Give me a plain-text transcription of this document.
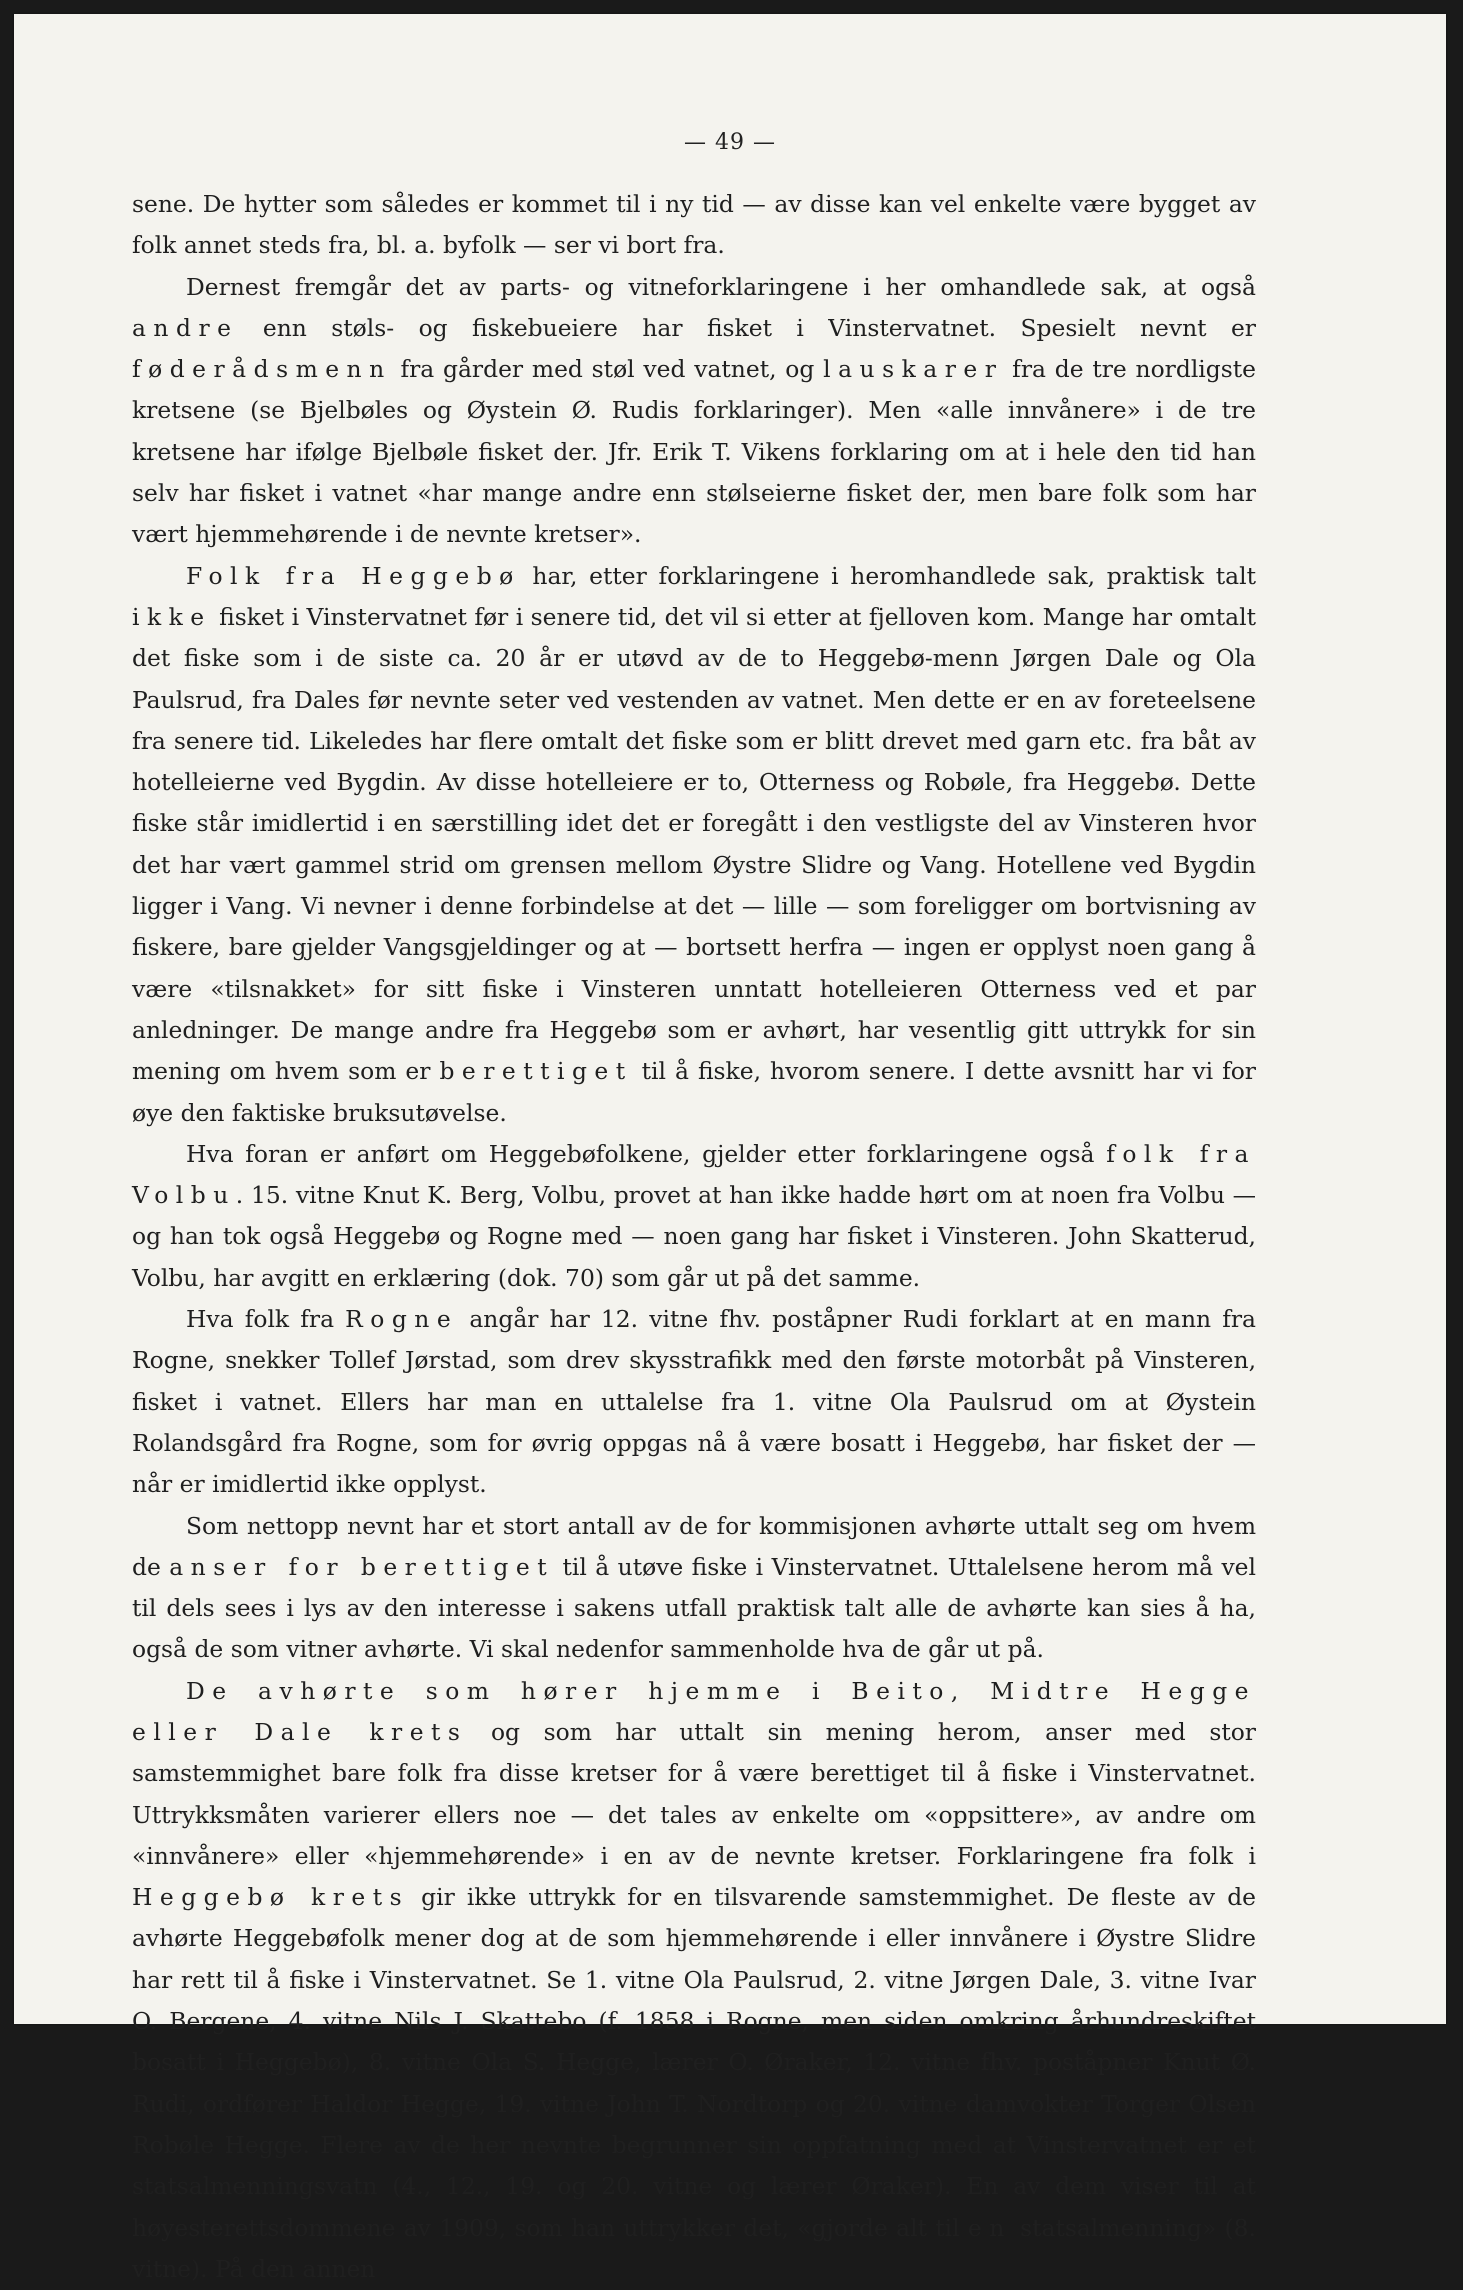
— 49 —

sene. De hytter som således er kommet til i ny tid — av disse kan vel enkelte være bygget av folk annet steds fra, bl. a. byfolk — ser vi bort fra.

Dernest fremgår det av parts- og vitneforklaringene i her omhandlede sak, at også andre enn støls- og fiskebueiere har fisket i Vinstervatnet. Spesielt nevnt er føderådsmenn fra gårder med støl ved vatnet, og lauskarer fra de tre nordligste kretsene (se Bjelbøles og Øystein Ø. Rudis forklaringer). Men «alle innvånere» i de tre kretsene har ifølge Bjelbøle fisket der. Jfr. Erik T. Vikens forklaring om at i hele den tid han selv har fisket i vatnet «har mange andre enn stølseierne fisket der, men bare folk som har vært hjemmehørende i de nevnte kretser».

Folk fra Heggebø har, etter forklaringene i heromhandlede sak, praktisk talt ikke fisket i Vinstervatnet før i senere tid, det vil si etter at fjelloven kom. Mange har omtalt det fiske som i de siste ca. 20 år er utøvd av de to Heggebø-menn Jørgen Dale og Ola Paulsrud, fra Dales før nevnte seter ved vestenden av vatnet. Men dette er en av foreteelsene fra senere tid. Likeledes har flere omtalt det fiske som er blitt drevet med garn etc. fra båt av hotelleierne ved Bygdin. Av disse hotelleiere er to, Otterness og Robøle, fra Heggebø. Dette fiske står imidlertid i en særstilling idet det er foregått i den vestligste del av Vinsteren hvor det har vært gammel strid om grensen mellom Øystre Slidre og Vang. Hotellene ved Bygdin ligger i Vang. Vi nevner i denne forbindelse at det — lille — som foreligger om bortvisning av fiskere, bare gjelder Vangsgjeldinger og at — bortsett herfra — ingen er opplyst noen gang å være «tilsnakket» for sitt fiske i Vinsteren unntatt hotelleieren Otterness ved et par anledninger. De mange andre fra Heggebø som er avhørt, har vesentlig gitt uttrykk for sin mening om hvem som er berettiget til å fiske, hvorom senere. I dette avsnitt har vi for øye den faktiske bruksutøvelse.

Hva foran er anført om Heggebøfolkene, gjelder etter forklaringene også folk fra Volbu. 15. vitne Knut K. Berg, Volbu, provet at han ikke hadde hørt om at noen fra Volbu — og han tok også Heggebø og Rogne med — noen gang har fisket i Vinsteren. John Skatterud, Volbu, har avgitt en erklæring (dok. 70) som går ut på det samme.

Hva folk fra Rogne angår har 12. vitne fhv. poståpner Rudi forklart at en mann fra Rogne, snekker Tollef Jørstad, som drev skysstrafikk med den første motorbåt på Vinsteren, fisket i vatnet. Ellers har man en uttalelse fra 1. vitne Ola Paulsrud om at Øystein Rolandsgård fra Rogne, som for øvrig oppgas nå å være bosatt i Heggebø, har fisket der — når er imidlertid ikke opplyst.

Som nettopp nevnt har et stort antall av de for kommisjonen avhørte uttalt seg om hvem de anser for berettiget til å utøve fiske i Vinstervatnet. Uttalelsene herom må vel til dels sees i lys av den interesse i sakens utfall praktisk talt alle de avhørte kan sies å ha, også de som vitner avhørte. Vi skal nedenfor sammenholde hva de går ut på.

De avhørte som hører hjemme i Beito, Midtre Hegge eller Dale krets og som har uttalt sin mening herom, anser med stor samstemmighet bare folk fra disse kretser for å være berettiget til å fiske i Vinstervatnet. Uttrykksmåten varierer ellers noe — det tales av enkelte om «oppsittere», av andre om «innvånere» eller «hjemmehørende» i en av de nevnte kretser. Forklaringene fra folk i Heggebø krets gir ikke uttrykk for en tilsvarende samstemmighet. De fleste av de avhørte Heggebøfolk mener dog at de som hjemmehørende i eller innvånere i Øystre Slidre har rett til å fiske i Vinstervatnet. Se 1. vitne Ola Paulsrud, 2. vitne Jørgen Dale, 3. vitne Ivar O. Bergene, 4. vitne Nils J. Skattebo (f. 1858 i Rogne, men siden omkring århundreskiftet bosatt i Heggebø), 8. vitne Ola S. Hegge, lærer O. Øraker, 12. vitne fhv. poståpner Knut Ø. Rudi, ordfører Haldor Hegge, 19. vitne John T. Nordtorp og 20. vitne damvokter Torger Olsen Robøle Hegge. Flere av de her nevnte begrunner sin oppfatning med at Vinstervatnet er et statsalmenningsvatn (4., 12., 19. og 20. vitne og lærer Øraker). En av dem viser til at høyesterettsdommene av 1909, som han uttrykker det, «gjorde alt til en statsalmenning» (8. vitne). På den annen
